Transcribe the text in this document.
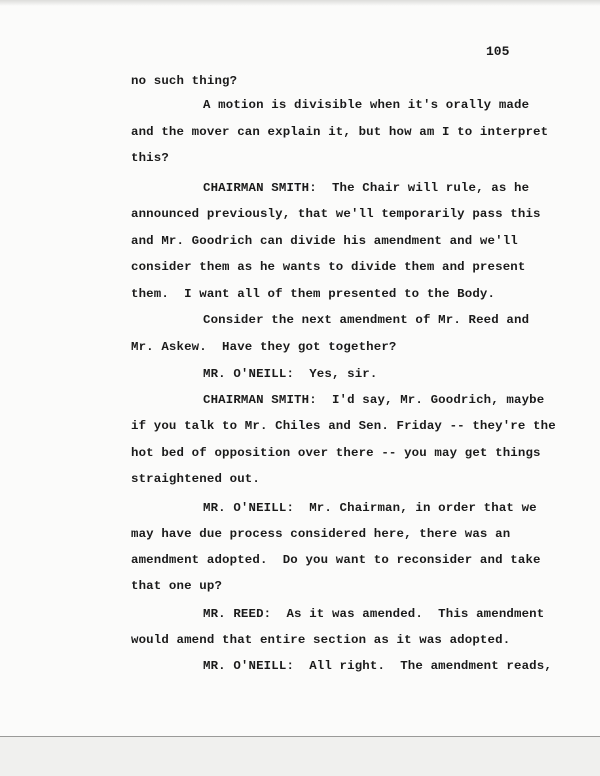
105
no such thing?
A motion is divisible when it's orally made
and the mover can explain it, but how am I to interpret
this?
CHAIRMAN SMITH:  The Chair will rule, as he
announced previously, that we'll temporarily pass this
and Mr. Goodrich can divide his amendment and we'll
consider them as he wants to divide them and present
them.  I want all of them presented to the Body.
Consider the next amendment of Mr. Reed and
Mr. Askew.  Have they got together?
MR. O'NEILL:  Yes, sir.
CHAIRMAN SMITH:  I'd say, Mr. Goodrich, maybe
if you talk to Mr. Chiles and Sen. Friday -- they're the
hot bed of opposition over there -- you may get things
straightened out.
MR. O'NEILL:  Mr. Chairman, in order that we
may have due process considered here, there was an
amendment adopted.  Do you want to reconsider and take
that one up?
MR. REED:  As it was amended.  This amendment
would amend that entire section as it was adopted.
MR. O'NEILL:  All right.  The amendment reads,
